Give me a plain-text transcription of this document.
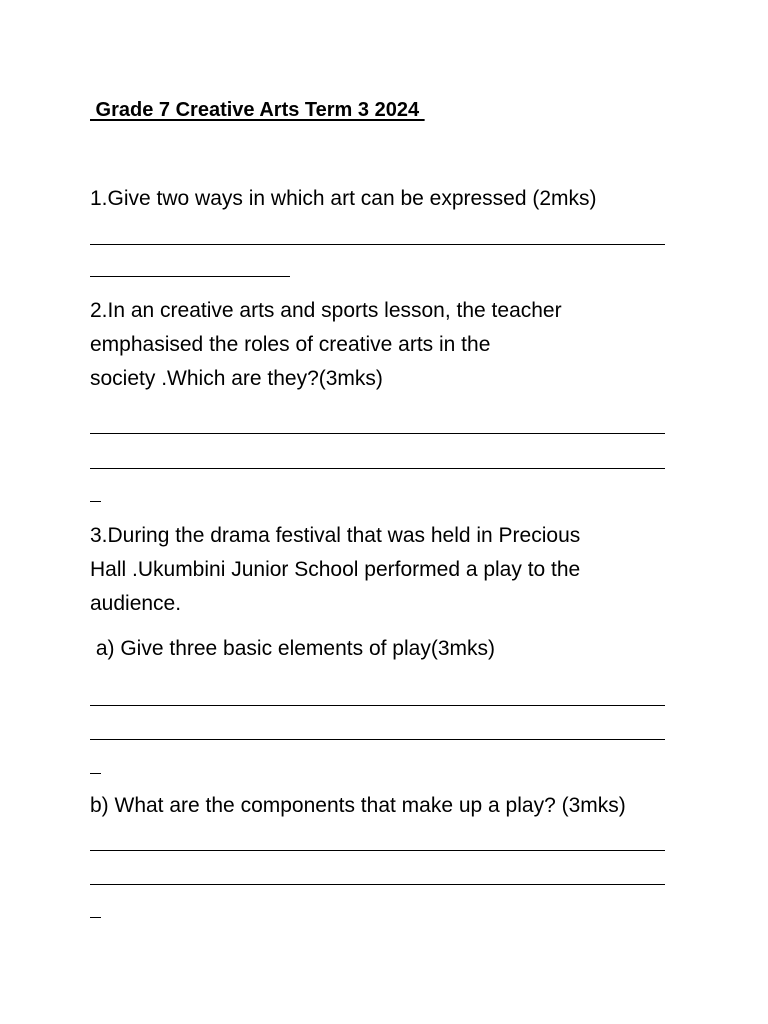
Grade 7 Creative Arts Term 3 2024
1.Give two ways in which art can be expressed (2mks)
2.In an creative arts and sports lesson, the teacher
emphasised the roles of creative arts in the
society .Which are they?(3mks)
3.During the drama festival that was held in Precious
Hall .Ukumbini Junior School performed a play to the
audience.
a) Give three basic elements of play(3mks)
b) What are the components that make up a play? (3mks)
